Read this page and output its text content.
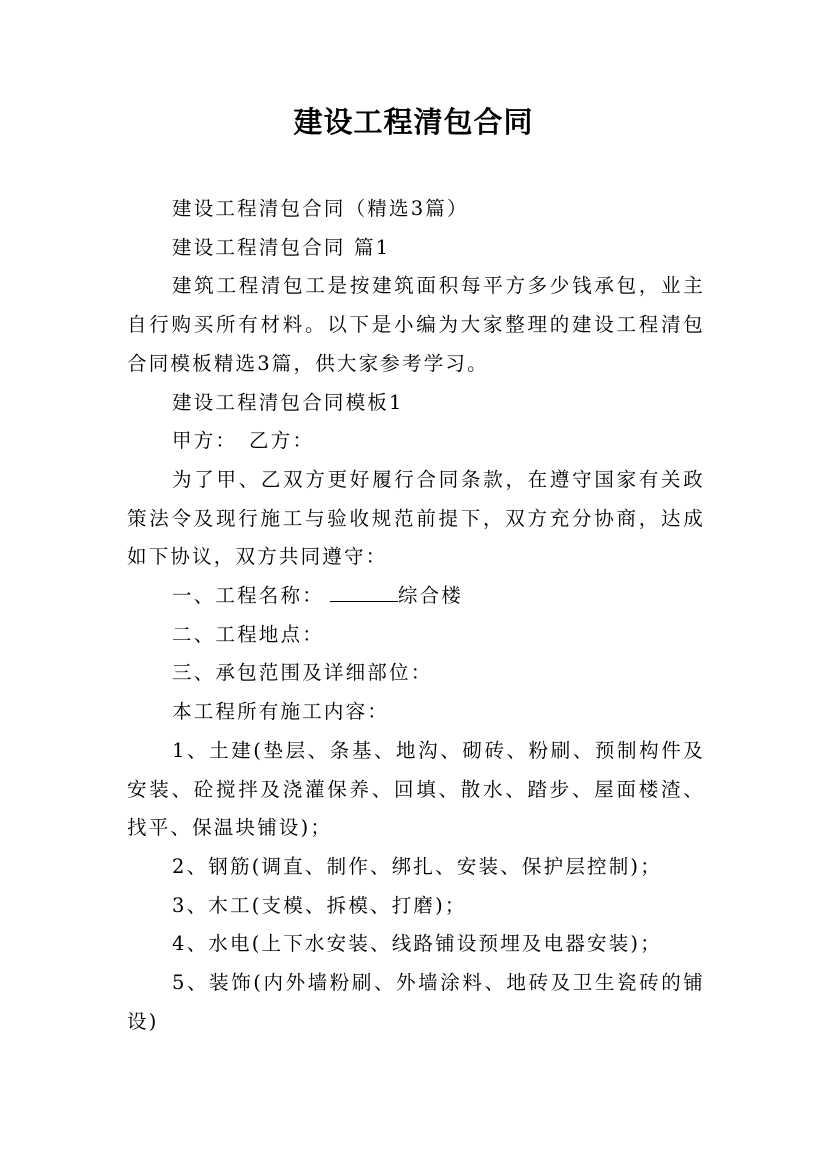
建设工程清包合同

建设工程清包合同（精选3篇）

建设工程清包合同 篇1

建筑工程清包工是按建筑面积每平方多少钱承包，业主自行购买所有材料。以下是小编为大家整理的建设工程清包合同模板精选3篇，供大家参考学习。

建设工程清包合同模板1

甲方：　乙方：

为了甲、乙双方更好履行合同条款，在遵守国家有关政策法令及现行施工与验收规范前提下，双方充分协商，达成如下协议，双方共同遵守：

一、工程名称：	综合楼

二、工程地点：

三、承包范围及详细部位：

本工程所有施工内容：

1、土建(垫层、条基、地沟、砌砖、粉刷、预制构件及安装、砼搅拌及浇灌保养、回填、散水、踏步、屋面楼渣、找平、保温块铺设)；

2、钢筋(调直、制作、绑扎、安装、保护层控制)；

3、木工(支模、拆模、打磨)；

4、水电(上下水安装、线路铺设预埋及电器安装)；

5、装饰(内外墙粉刷、外墙涂料、地砖及卫生瓷砖的铺设)
